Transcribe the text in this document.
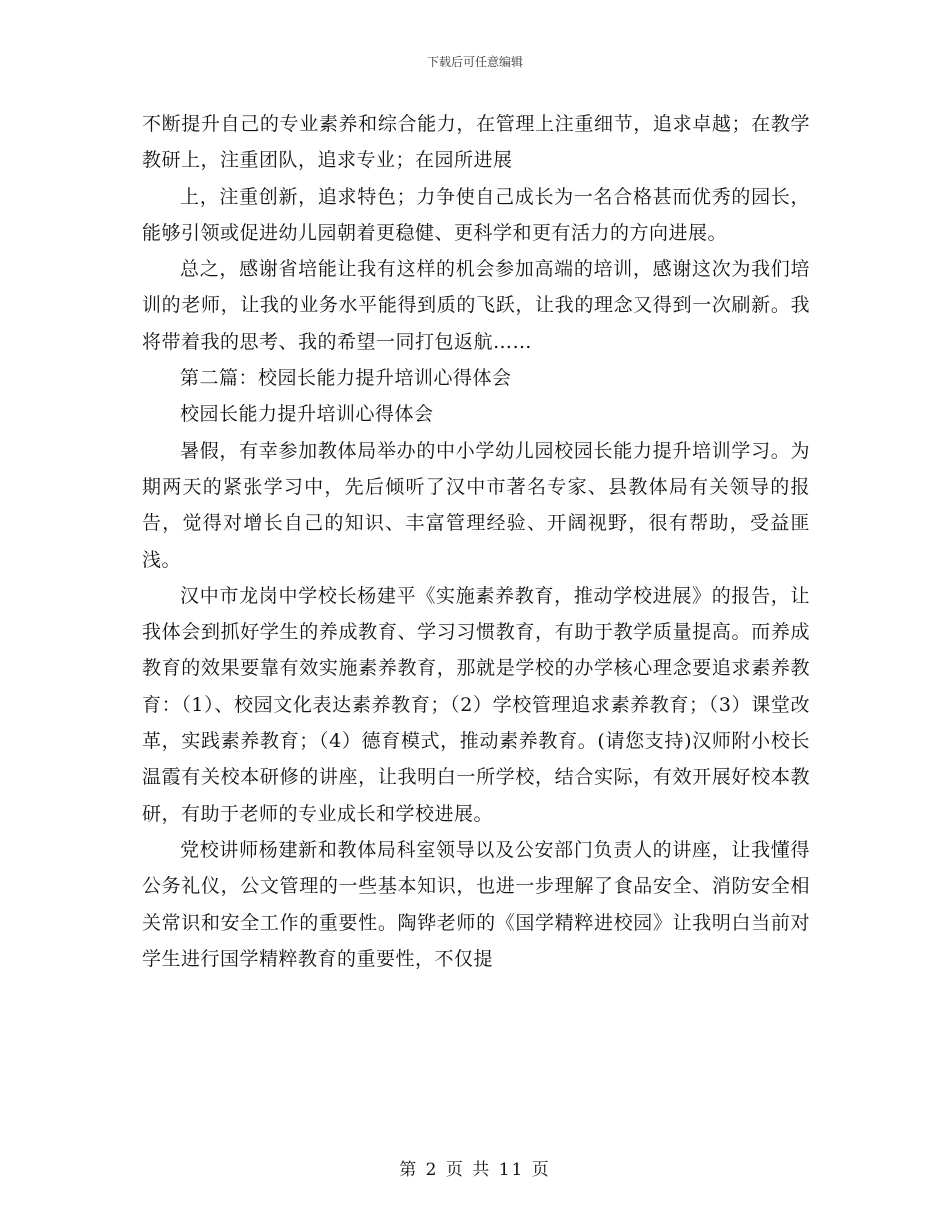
下载后可任意编辑

不断提升自己的专业素养和综合能力，在管理上注重细节，追求卓越；在教学教研上，注重团队，追求专业；在园所进展

上，注重创新，追求特色；力争使自己成长为一名合格甚而优秀的园长，能够引领或促进幼儿园朝着更稳健、更科学和更有活力的方向进展。

总之，感谢省培能让我有这样的机会参加高端的培训，感谢这次为我们培训的老师，让我的业务水平能得到质的飞跃，让我的理念又得到一次刷新。我将带着我的思考、我的希望一同打包返航……

第二篇：校园长能力提升培训心得体会

校园长能力提升培训心得体会

暑假，有幸参加教体局举办的中小学幼儿园校园长能力提升培训学习。为期两天的紧张学习中，先后倾听了汉中市著名专家、县教体局有关领导的报告，觉得对增长自己的知识、丰富管理经验、开阔视野，很有帮助，受益匪浅。

汉中市龙岗中学校长杨建平《实施素养教育，推动学校进展》的报告，让我体会到抓好学生的养成教育、学习习惯教育，有助于教学质量提高。而养成教育的效果要靠有效实施素养教育，那就是学校的办学核心理念要追求素养教育：（1）、校园文化表达素养教育；（2）学校管理追求素养教育；（3）课堂改革，实践素养教育；（4）德育模式，推动素养教育。(请您支持)汉师附小校长温霞有关校本研修的讲座，让我明白一所学校，结合实际，有效开展好校本教研，有助于老师的专业成长和学校进展。

党校讲师杨建新和教体局科室领导以及公安部门负责人的讲座，让我懂得公务礼仪，公文管理的一些基本知识，也进一步理解了食品安全、消防安全相关常识和安全工作的重要性。陶铧老师的《国学精粹进校园》让我明白当前对学生进行国学精粹教育的重要性，不仅提

第 2 页 共 11 页
